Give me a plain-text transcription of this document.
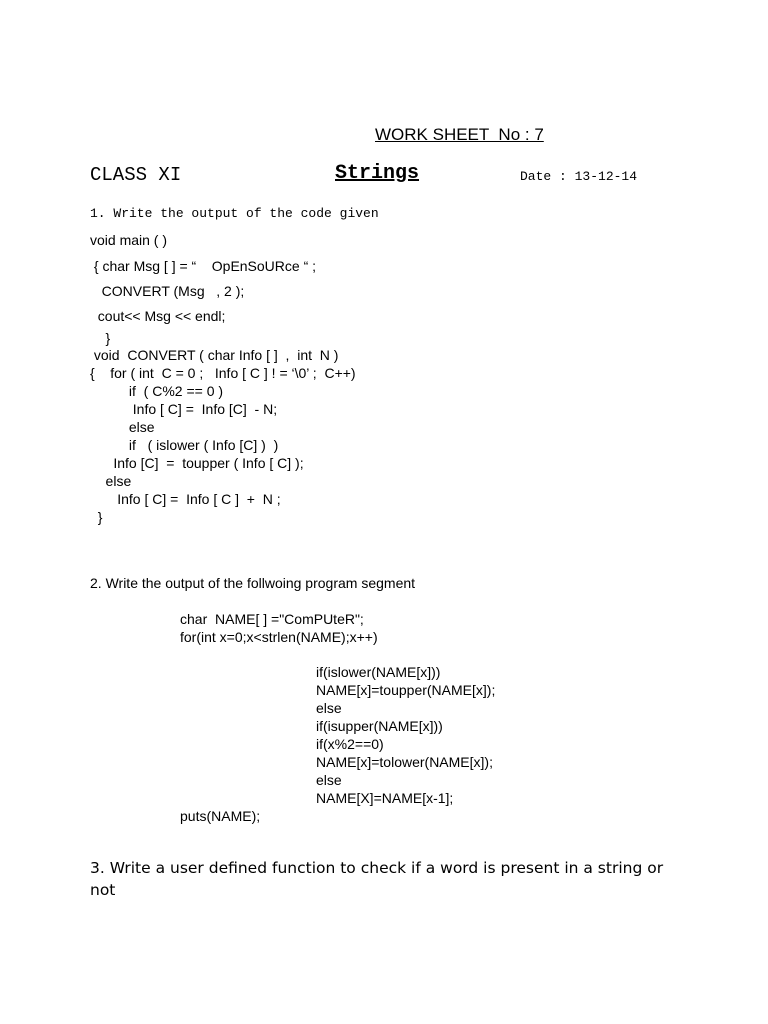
WORK SHEET  No : 7
CLASS XI	Strings	Date : 13-12-14
1. Write the output of the code given
void main ( )
{ char Msg [ ] = “    OpEnSoURce “ ;
CONVERT (Msg   , 2 );
cout<< Msg << endl;
}
void  CONVERT ( char Info [ ]  ,  int  N )
{    for ( int  C = 0 ;   Info [ C ] ! = ‘\0’ ;  C++)
if  ( C%2 == 0 )
Info [ C] =  Info [C]  - N;
else
if   ( islower ( Info [C] )  )
Info [C]  =  toupper ( Info [ C] );
else
Info [ C] =  Info [ C ]  +  N ;
}
2. Write the output of the follwoing program segment
char  NAME[ ] ="ComPUteR";
for(int x=0;x<strlen(NAME);x++)
if(islower(NAME[x]))
NAME[x]=toupper(NAME[x]);
else
if(isupper(NAME[x]))
if(x%2==0)
NAME[x]=tolower(NAME[x]);
else
NAME[X]=NAME[x-1];
puts(NAME);
3. Write a user defined function to check if a word is present in a string or not
